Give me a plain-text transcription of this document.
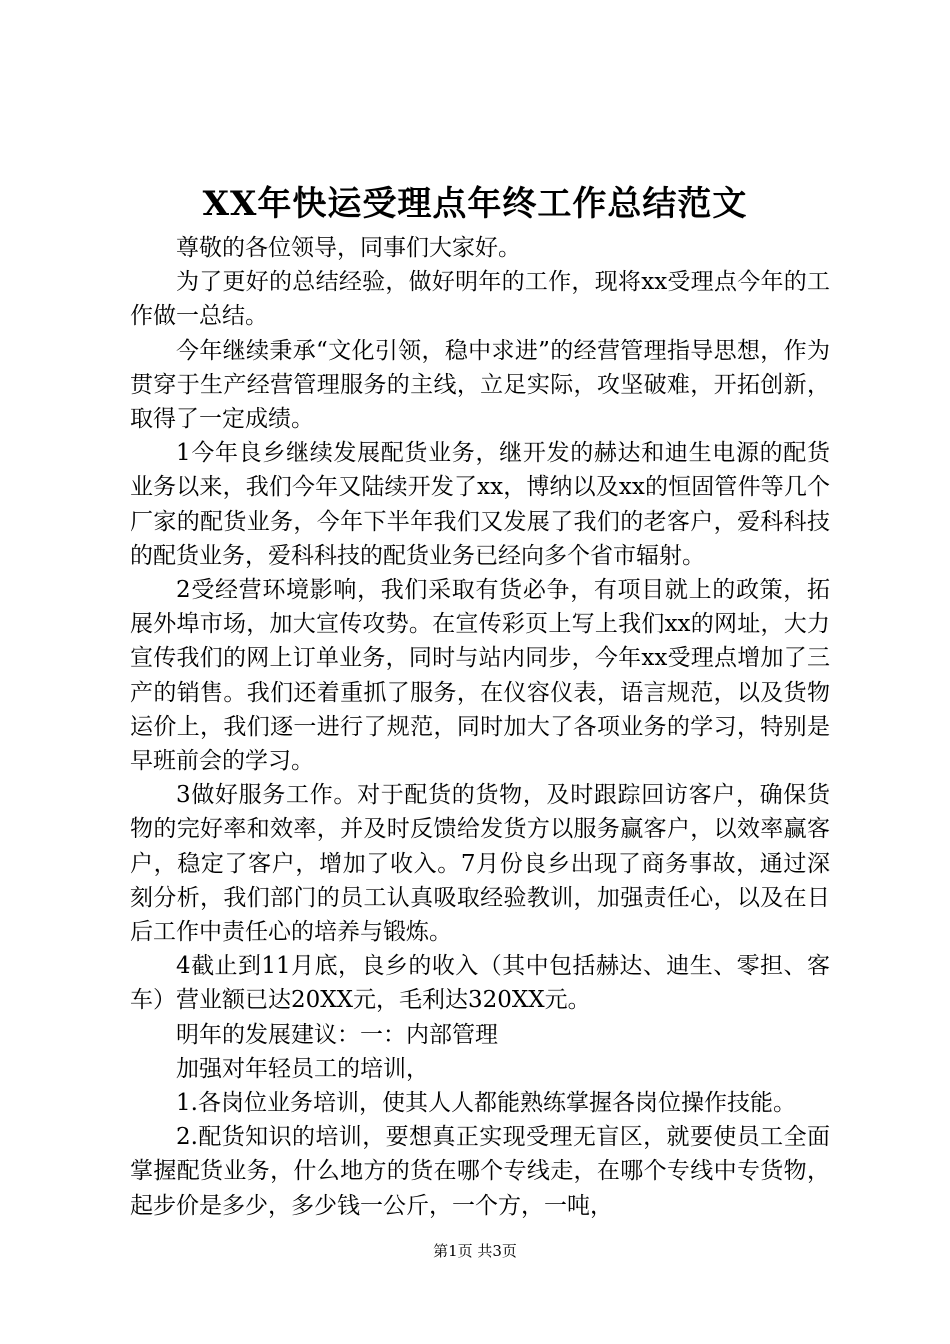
XX年快运受理点年终工作总结范文

尊敬的各位领导，同事们大家好。

为了更好的总结经验，做好明年的工作，现将xx受理点今年的工作做一总结。

今年继续秉承“文化引领，稳中求进”的经营管理指导思想，作为贯穿于生产经营管理服务的主线，立足实际，攻坚破难，开拓创新，取得了一定成绩。

1今年良乡继续发展配货业务，继开发的赫达和迪生电源的配货业务以来，我们今年又陆续开发了xx，博纳以及xx的恒固管件等几个厂家的配货业务，今年下半年我们又发展了我们的老客户，爱科科技的配货业务，爱科科技的配货业务已经向多个省市辐射。

2受经营环境影响，我们采取有货必争，有项目就上的政策，拓展外埠市场，加大宣传攻势。在宣传彩页上写上我们xx的网址，大力宣传我们的网上订单业务，同时与站内同步，今年xx受理点增加了三产的销售。我们还着重抓了服务，在仪容仪表，语言规范，以及货物运价上，我们逐一进行了规范，同时加大了各项业务的学习，特别是早班前会的学习。

3做好服务工作。对于配货的货物，及时跟踪回访客户，确保货物的完好率和效率，并及时反馈给发货方以服务赢客户，以效率赢客户，稳定了客户，增加了收入。7月份良乡出现了商务事故，通过深刻分析，我们部门的员工认真吸取经验教训，加强责任心，以及在日后工作中责任心的培养与锻炼。

4截止到11月底，良乡的收入（其中包括赫达、迪生、零担、客车）营业额已达20XX元，毛利达320XX元。

明年的发展建议：一：内部管理

加强对年轻员工的培训，

1.各岗位业务培训，使其人人都能熟练掌握各岗位操作技能。

2.配货知识的培训，要想真正实现受理无盲区，就要使员工全面掌握配货业务，什么地方的货在哪个专线走，在哪个专线中专货物，起步价是多少，多少钱一公斤，一个方，一吨，

第1页 共3页
